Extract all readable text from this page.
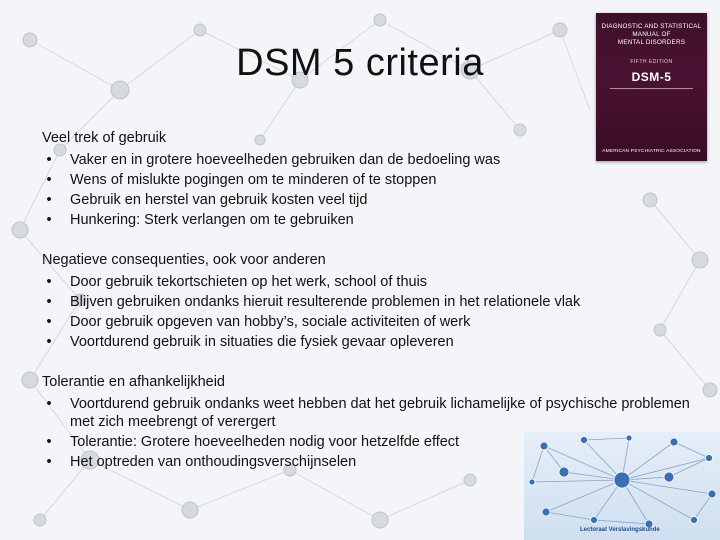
DSM 5 criteria
DIAGNOSTIC AND STATISTICAL
MANUAL OF
MENTAL DISORDERS
FIFTH EDITION
DSM-5
AMERICAN PSYCHIATRIC ASSOCIATION
Veel trek of gebruik
•	Vaker en in grotere hoeveelheden gebruiken dan de bedoeling was
•	Wens of mislukte pogingen om te minderen of te stoppen
•	Gebruik en herstel van gebruik kosten veel tijd
•	Hunkering: Sterk verlangen om te gebruiken
Negatieve consequenties, ook voor anderen
•	Door gebruik tekortschieten op het werk, school of thuis
•	Blijven gebruiken ondanks hieruit resulterende problemen in het relationele vlak
•	Door gebruik opgeven van hobby’s, sociale activiteiten of werk
•	Voortdurend gebruik in situaties die fysiek gevaar opleveren
Tolerantie en afhankelijkheid
•	Voortdurend gebruik ondanks weet hebben dat het gebruik lichamelijke of psychische problemen met zich meebrengt of verergert
•	Tolerantie: Grotere hoeveelheden nodig voor hetzelfde effect
•	Het optreden van onthoudingsverschijnselen
Lectoraat Verslavingskunde
